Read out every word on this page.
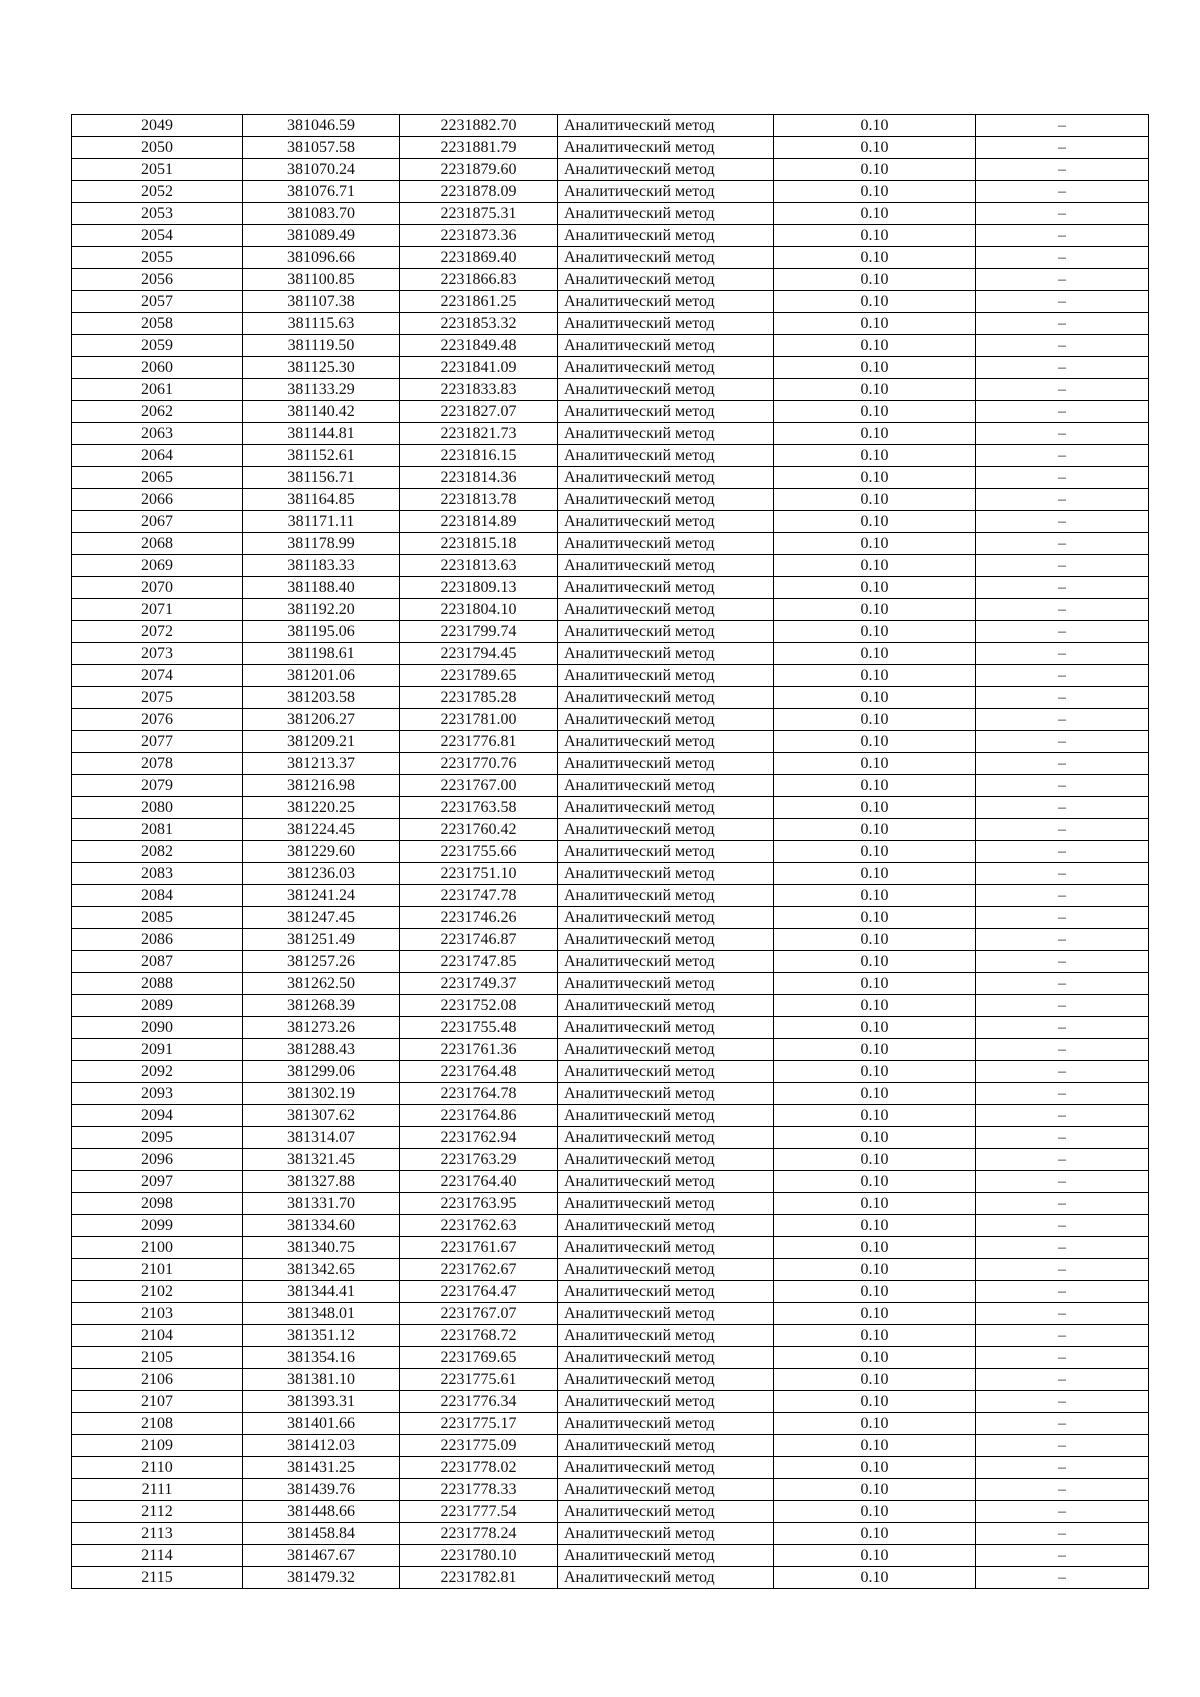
2049	381046.59	2231882.70	Аналитический метод	0.10	–
2050	381057.58	2231881.79	Аналитический метод	0.10	–
2051	381070.24	2231879.60	Аналитический метод	0.10	–
2052	381076.71	2231878.09	Аналитический метод	0.10	–
2053	381083.70	2231875.31	Аналитический метод	0.10	–
2054	381089.49	2231873.36	Аналитический метод	0.10	–
2055	381096.66	2231869.40	Аналитический метод	0.10	–
2056	381100.85	2231866.83	Аналитический метод	0.10	–
2057	381107.38	2231861.25	Аналитический метод	0.10	–
2058	381115.63	2231853.32	Аналитический метод	0.10	–
2059	381119.50	2231849.48	Аналитический метод	0.10	–
2060	381125.30	2231841.09	Аналитический метод	0.10	–
2061	381133.29	2231833.83	Аналитический метод	0.10	–
2062	381140.42	2231827.07	Аналитический метод	0.10	–
2063	381144.81	2231821.73	Аналитический метод	0.10	–
2064	381152.61	2231816.15	Аналитический метод	0.10	–
2065	381156.71	2231814.36	Аналитический метод	0.10	–
2066	381164.85	2231813.78	Аналитический метод	0.10	–
2067	381171.11	2231814.89	Аналитический метод	0.10	–
2068	381178.99	2231815.18	Аналитический метод	0.10	–
2069	381183.33	2231813.63	Аналитический метод	0.10	–
2070	381188.40	2231809.13	Аналитический метод	0.10	–
2071	381192.20	2231804.10	Аналитический метод	0.10	–
2072	381195.06	2231799.74	Аналитический метод	0.10	–
2073	381198.61	2231794.45	Аналитический метод	0.10	–
2074	381201.06	2231789.65	Аналитический метод	0.10	–
2075	381203.58	2231785.28	Аналитический метод	0.10	–
2076	381206.27	2231781.00	Аналитический метод	0.10	–
2077	381209.21	2231776.81	Аналитический метод	0.10	–
2078	381213.37	2231770.76	Аналитический метод	0.10	–
2079	381216.98	2231767.00	Аналитический метод	0.10	–
2080	381220.25	2231763.58	Аналитический метод	0.10	–
2081	381224.45	2231760.42	Аналитический метод	0.10	–
2082	381229.60	2231755.66	Аналитический метод	0.10	–
2083	381236.03	2231751.10	Аналитический метод	0.10	–
2084	381241.24	2231747.78	Аналитический метод	0.10	–
2085	381247.45	2231746.26	Аналитический метод	0.10	–
2086	381251.49	2231746.87	Аналитический метод	0.10	–
2087	381257.26	2231747.85	Аналитический метод	0.10	–
2088	381262.50	2231749.37	Аналитический метод	0.10	–
2089	381268.39	2231752.08	Аналитический метод	0.10	–
2090	381273.26	2231755.48	Аналитический метод	0.10	–
2091	381288.43	2231761.36	Аналитический метод	0.10	–
2092	381299.06	2231764.48	Аналитический метод	0.10	–
2093	381302.19	2231764.78	Аналитический метод	0.10	–
2094	381307.62	2231764.86	Аналитический метод	0.10	–
2095	381314.07	2231762.94	Аналитический метод	0.10	–
2096	381321.45	2231763.29	Аналитический метод	0.10	–
2097	381327.88	2231764.40	Аналитический метод	0.10	–
2098	381331.70	2231763.95	Аналитический метод	0.10	–
2099	381334.60	2231762.63	Аналитический метод	0.10	–
2100	381340.75	2231761.67	Аналитический метод	0.10	–
2101	381342.65	2231762.67	Аналитический метод	0.10	–
2102	381344.41	2231764.47	Аналитический метод	0.10	–
2103	381348.01	2231767.07	Аналитический метод	0.10	–
2104	381351.12	2231768.72	Аналитический метод	0.10	–
2105	381354.16	2231769.65	Аналитический метод	0.10	–
2106	381381.10	2231775.61	Аналитический метод	0.10	–
2107	381393.31	2231776.34	Аналитический метод	0.10	–
2108	381401.66	2231775.17	Аналитический метод	0.10	–
2109	381412.03	2231775.09	Аналитический метод	0.10	–
2110	381431.25	2231778.02	Аналитический метод	0.10	–
2111	381439.76	2231778.33	Аналитический метод	0.10	–
2112	381448.66	2231777.54	Аналитический метод	0.10	–
2113	381458.84	2231778.24	Аналитический метод	0.10	–
2114	381467.67	2231780.10	Аналитический метод	0.10	–
2115	381479.32	2231782.81	Аналитический метод	0.10	–
